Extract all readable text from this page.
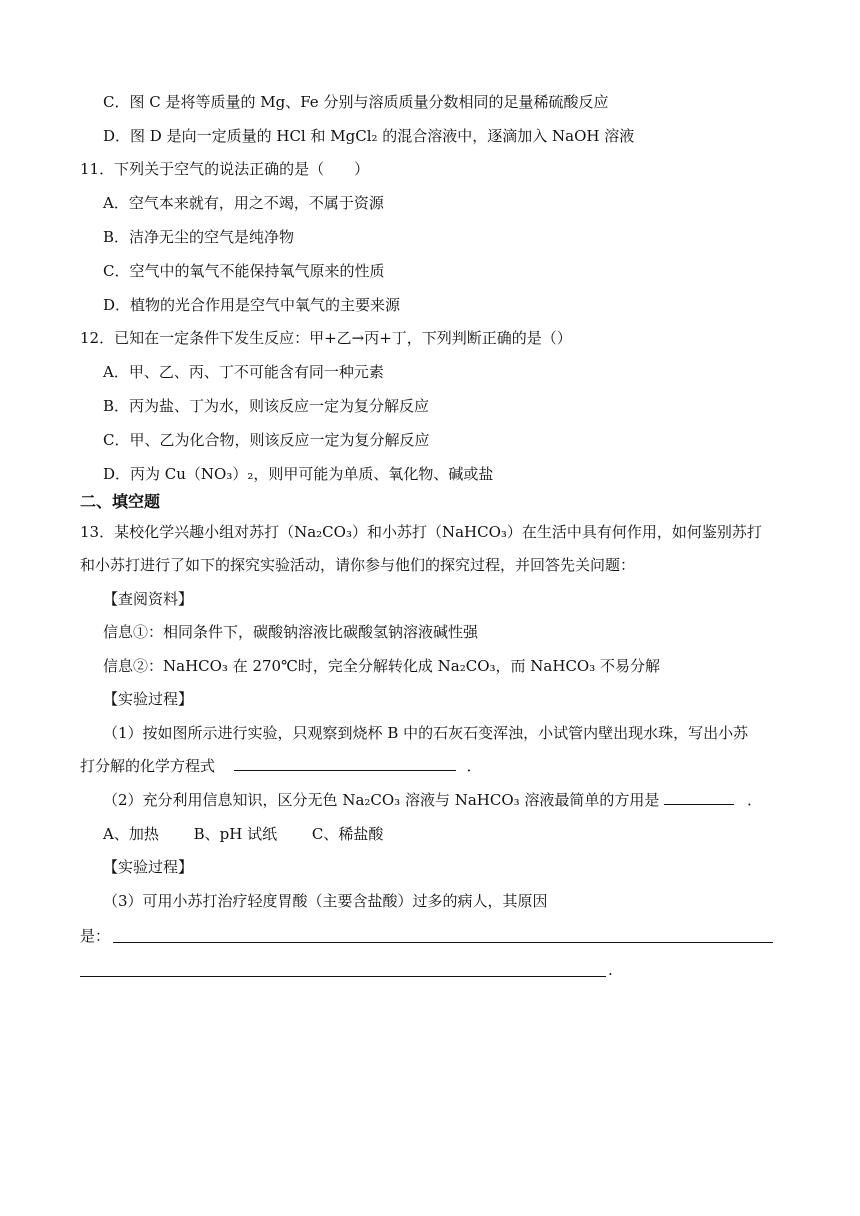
C．图 C 是将等质量的 Mg、Fe 分别与溶质质量分数相同的足量稀硫酸反应
D．图 D 是向一定质量的 HCl 和 MgCl₂ 的混合溶液中，逐滴加入 NaOH 溶液
11．下列关于空气的说法正确的是（　　）
A．空气本来就有，用之不竭，不属于资源
B．洁净无尘的空气是纯净物
C．空气中的氧气不能保持氧气原来的性质
D．植物的光合作用是空气中氧气的主要来源
12．已知在一定条件下发生反应：甲+乙→丙+丁，下列判断正确的是（）
A．甲、乙、丙、丁不可能含有同一种元素
B．丙为盐、丁为水，则该反应一定为复分解反应
C．甲、乙为化合物，则该反应一定为复分解反应
D．丙为 Cu（NO₃）₂，则甲可能为单质、氧化物、碱或盐
二、填空题
13．某校化学兴趣小组对苏打（Na₂CO₃）和小苏打（NaHCO₃）在生活中具有何作用，如何鉴别苏打
和小苏打进行了如下的探究实验活动，请你参与他们的探究过程，并回答先关问题：
【查阅资料】
信息①：相同条件下，碳酸钠溶液比碳酸氢钠溶液碱性强
信息②：NaHCO₃ 在 270℃时，完全分解转化成 Na₂CO₃，而 NaHCO₃ 不易分解
【实验过程】
（1）按如图所示进行实验，只观察到烧杯 B 中的石灰石变浑浊，小试管内壁出现水珠，写出小苏
打分解的化学方程式	．
（2）充分利用信息知识，区分无色 Na₂CO₃ 溶液与 NaHCO₃ 溶液最简单的方用是	．
A、加热　　 B、pH 试纸　　 C、稀盐酸
【实验过程】
（3）可用小苏打治疗轻度胃酸（主要含盐酸）过多的病人，其原因
是：
.
